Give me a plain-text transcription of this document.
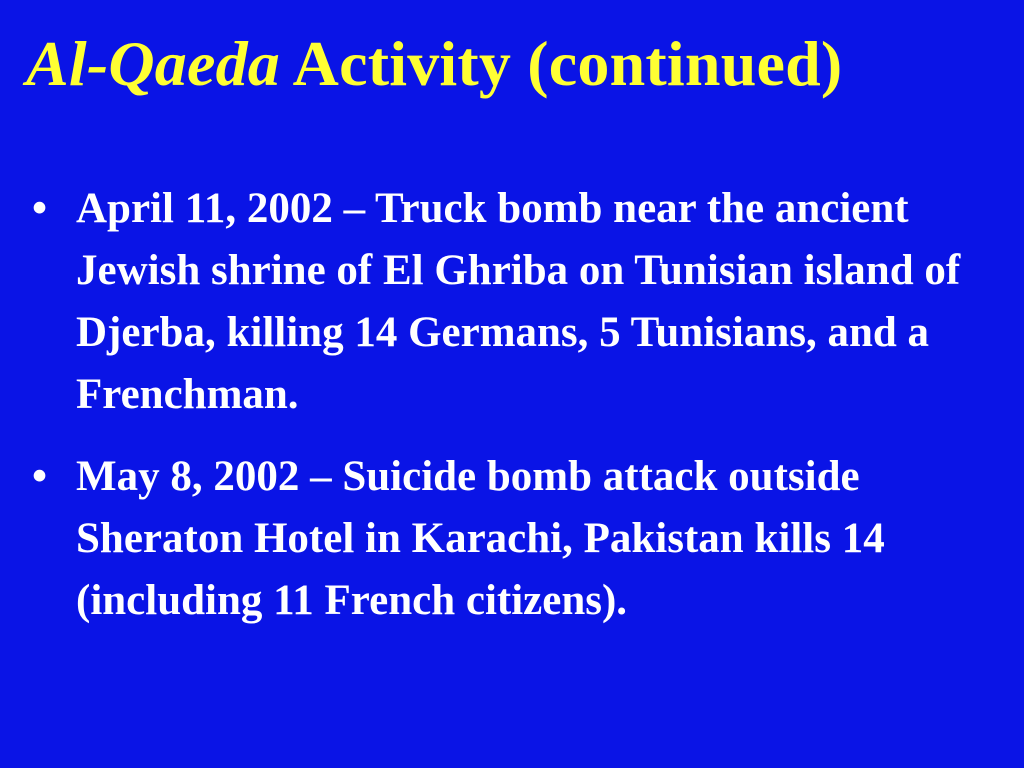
Al-Qaeda Activity (continued)
• April 11, 2002 – Truck bomb near the ancient Jewish shrine of El Ghriba on Tunisian island of Djerba, killing 14 Germans, 5 Tunisians, and a Frenchman.
• May 8, 2002 – Suicide bomb attack outside Sheraton Hotel in Karachi, Pakistan kills 14 (including 11 French citizens).
